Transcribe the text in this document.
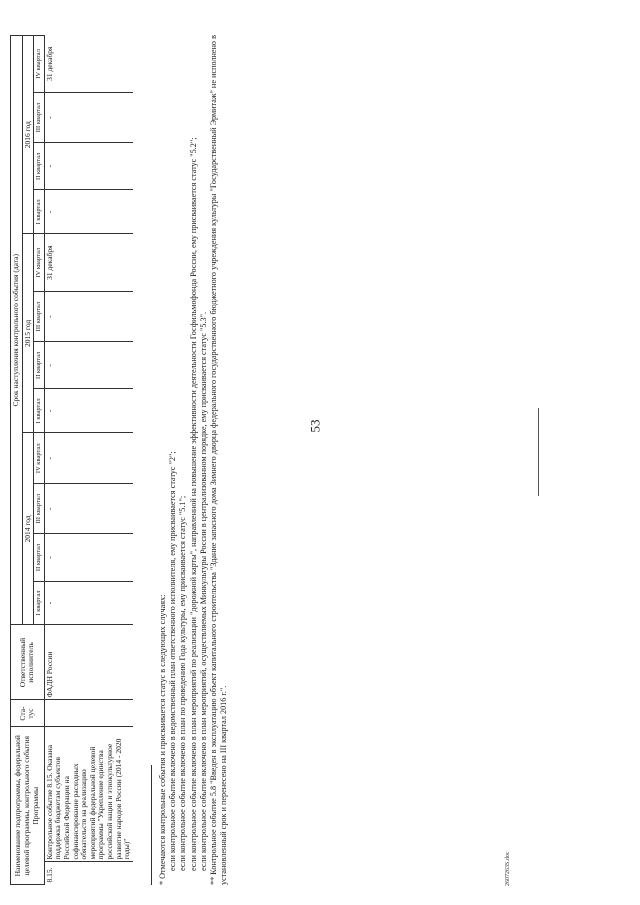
53
Наименование подпрограммы, федеральной целевой программы, контрольного события Программы		Ста-тус	Ответственный исполнитель	Срок наступления контрольного события (дата)											
				2014 год				2015 год				2016 год			
				I квартал	II квартал	III квартал	IV квартал	I квартал	II квартал	III квартал	IV квартал	I квартал	II квартал	III квартал	IV квартал
8.15.	Контрольное событие 8.15. Оказана поддержка бюджетам субъектов Российской Федерации на софинансирование расходных обязательств на реализацию мероприятий федеральной целевой программы "Укрепление единства российской нации и этнокультурное развитие народов России (2014 - 2020 годы)"		ФАДН России	-	-	-	-	-	-	-	31 декабря	-	-	-	31 декабря

* Отмечаются контрольные события и присваивается статус в следующих случаях: если контрольное событие включено в ведомственный план ответственного исполнителя, ему присваивается статус "2"; если контрольное событие включено в план по проведению Года культуры, ему присваивается статус "5.1"; если контрольное событие включено в план мероприятий по реализации "дорожной карты", направленной на повышение эффективности деятельности Госфильмофонда России, ему присваивается статус "5.2"; если контрольное событие включено в план мероприятий, осуществляемых Минкультуры России в централизованном порядке, ему присваивается статус "5.3". ** Контрольное событие 5.8 "Введен в эксплуатацию объект капитального строительства "Здание запасного дома Зимнего дворца федерального государственного бюджетного учреждения культуры "Государственный Эрмитаж" не исполнено в установленный срок и перенесено на III квартал 2016 г.".	2607263S.doc
